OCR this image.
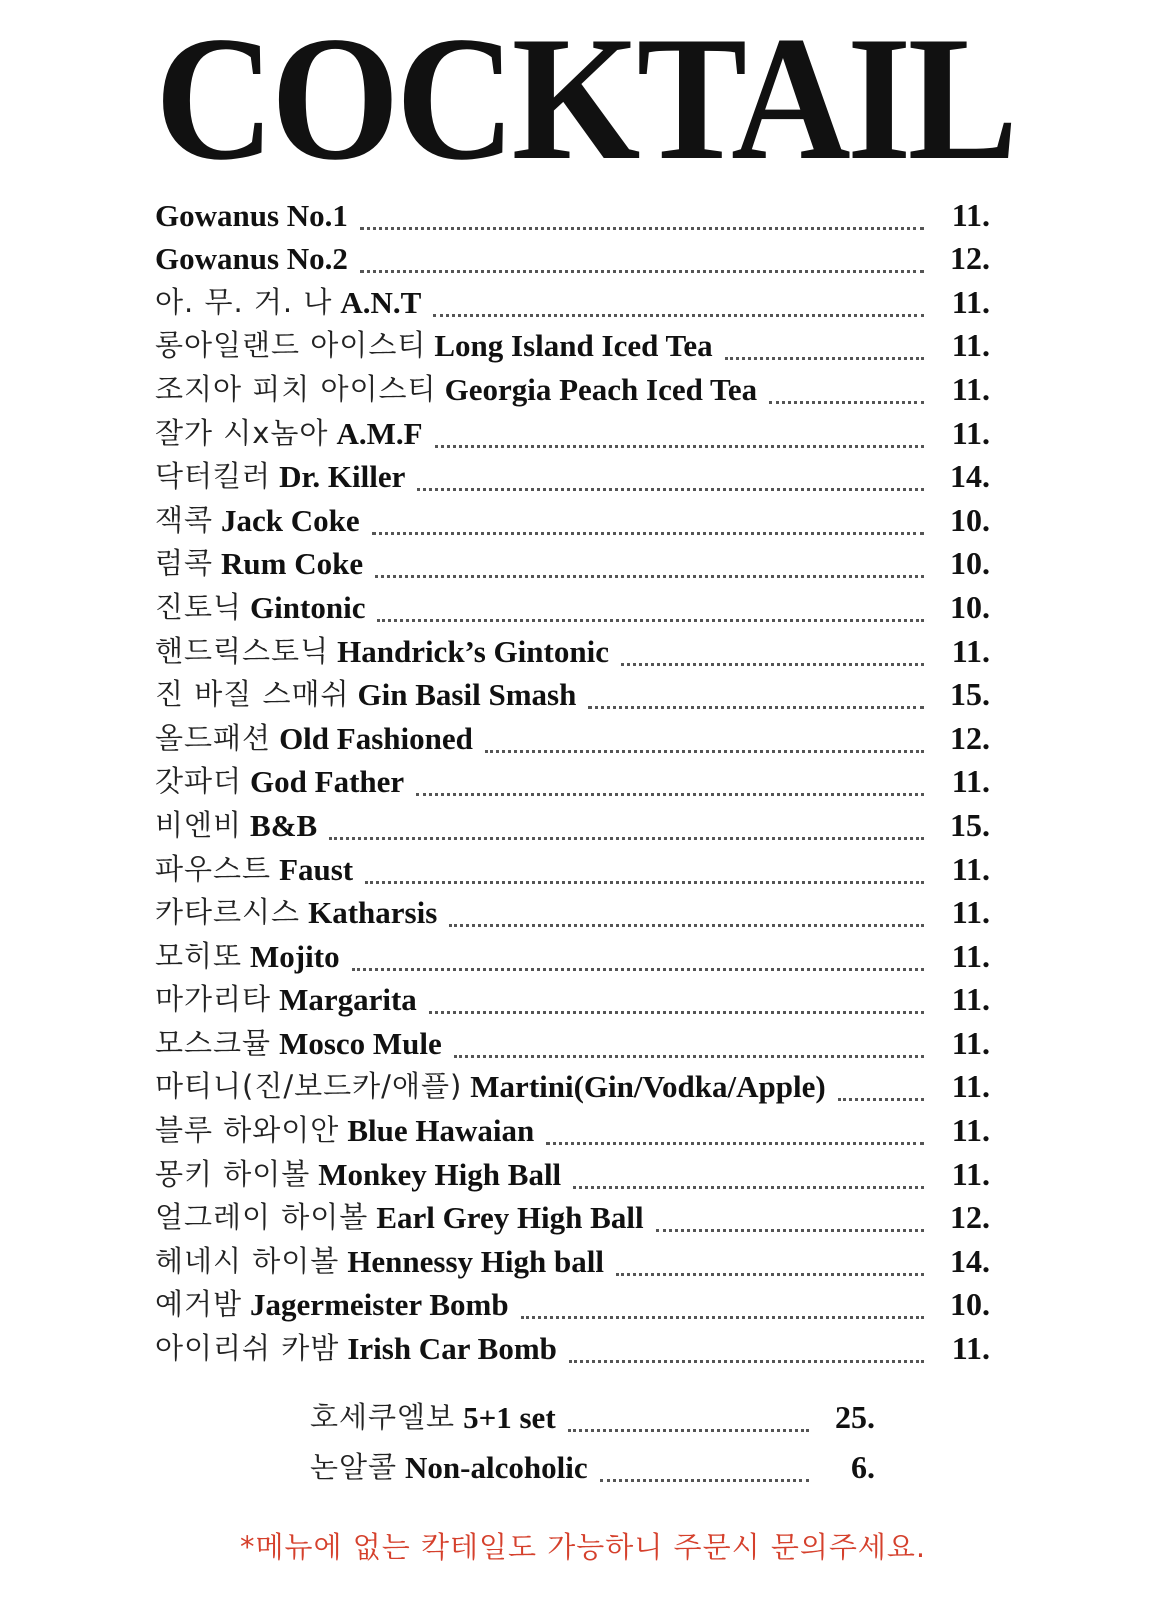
COCKTAIL
Gowanus No.1	11.
Gowanus No.2	12.
아. 무. 거. 나 A.N.T	11.
롱아일랜드 아이스티 Long Island Iced Tea	11.
조지아 피치 아이스티 Georgia Peach Iced Tea	11.
잘가 시x놈아 A.M.F	11.
닥터킬러 Dr. Killer	14.
잭콕 Jack Coke	10.
럼콕 Rum Coke	10.
진토닉 Gintonic	10.
핸드릭스토닉 Handrick’s Gintonic	11.
진 바질 스매쉬 Gin Basil Smash	15.
올드패션 Old Fashioned	12.
갓파더 God Father	11.
비엔비 B&B	15.
파우스트 Faust	11.
카타르시스 Katharsis	11.
모히또 Mojito	11.
마가리타 Margarita	11.
모스크뮬 Mosco Mule	11.
마티니(진/보드카/애플) Martini(Gin/Vodka/Apple)	11.
블루 하와이안 Blue Hawaian	11.
몽키 하이볼 Monkey High Ball	11.
얼그레이 하이볼 Earl Grey High Ball	12.
헤네시 하이볼 Hennessy High ball	14.
예거밤 Jagermeister Bomb	10.
아이리쉬 카밤 Irish Car Bomb	11.
호세쿠엘보 5+1 set	25.
논알콜 Non-alcoholic	6.
*메뉴에 없는 칵테일도 가능하니 주문시 문의주세요.
